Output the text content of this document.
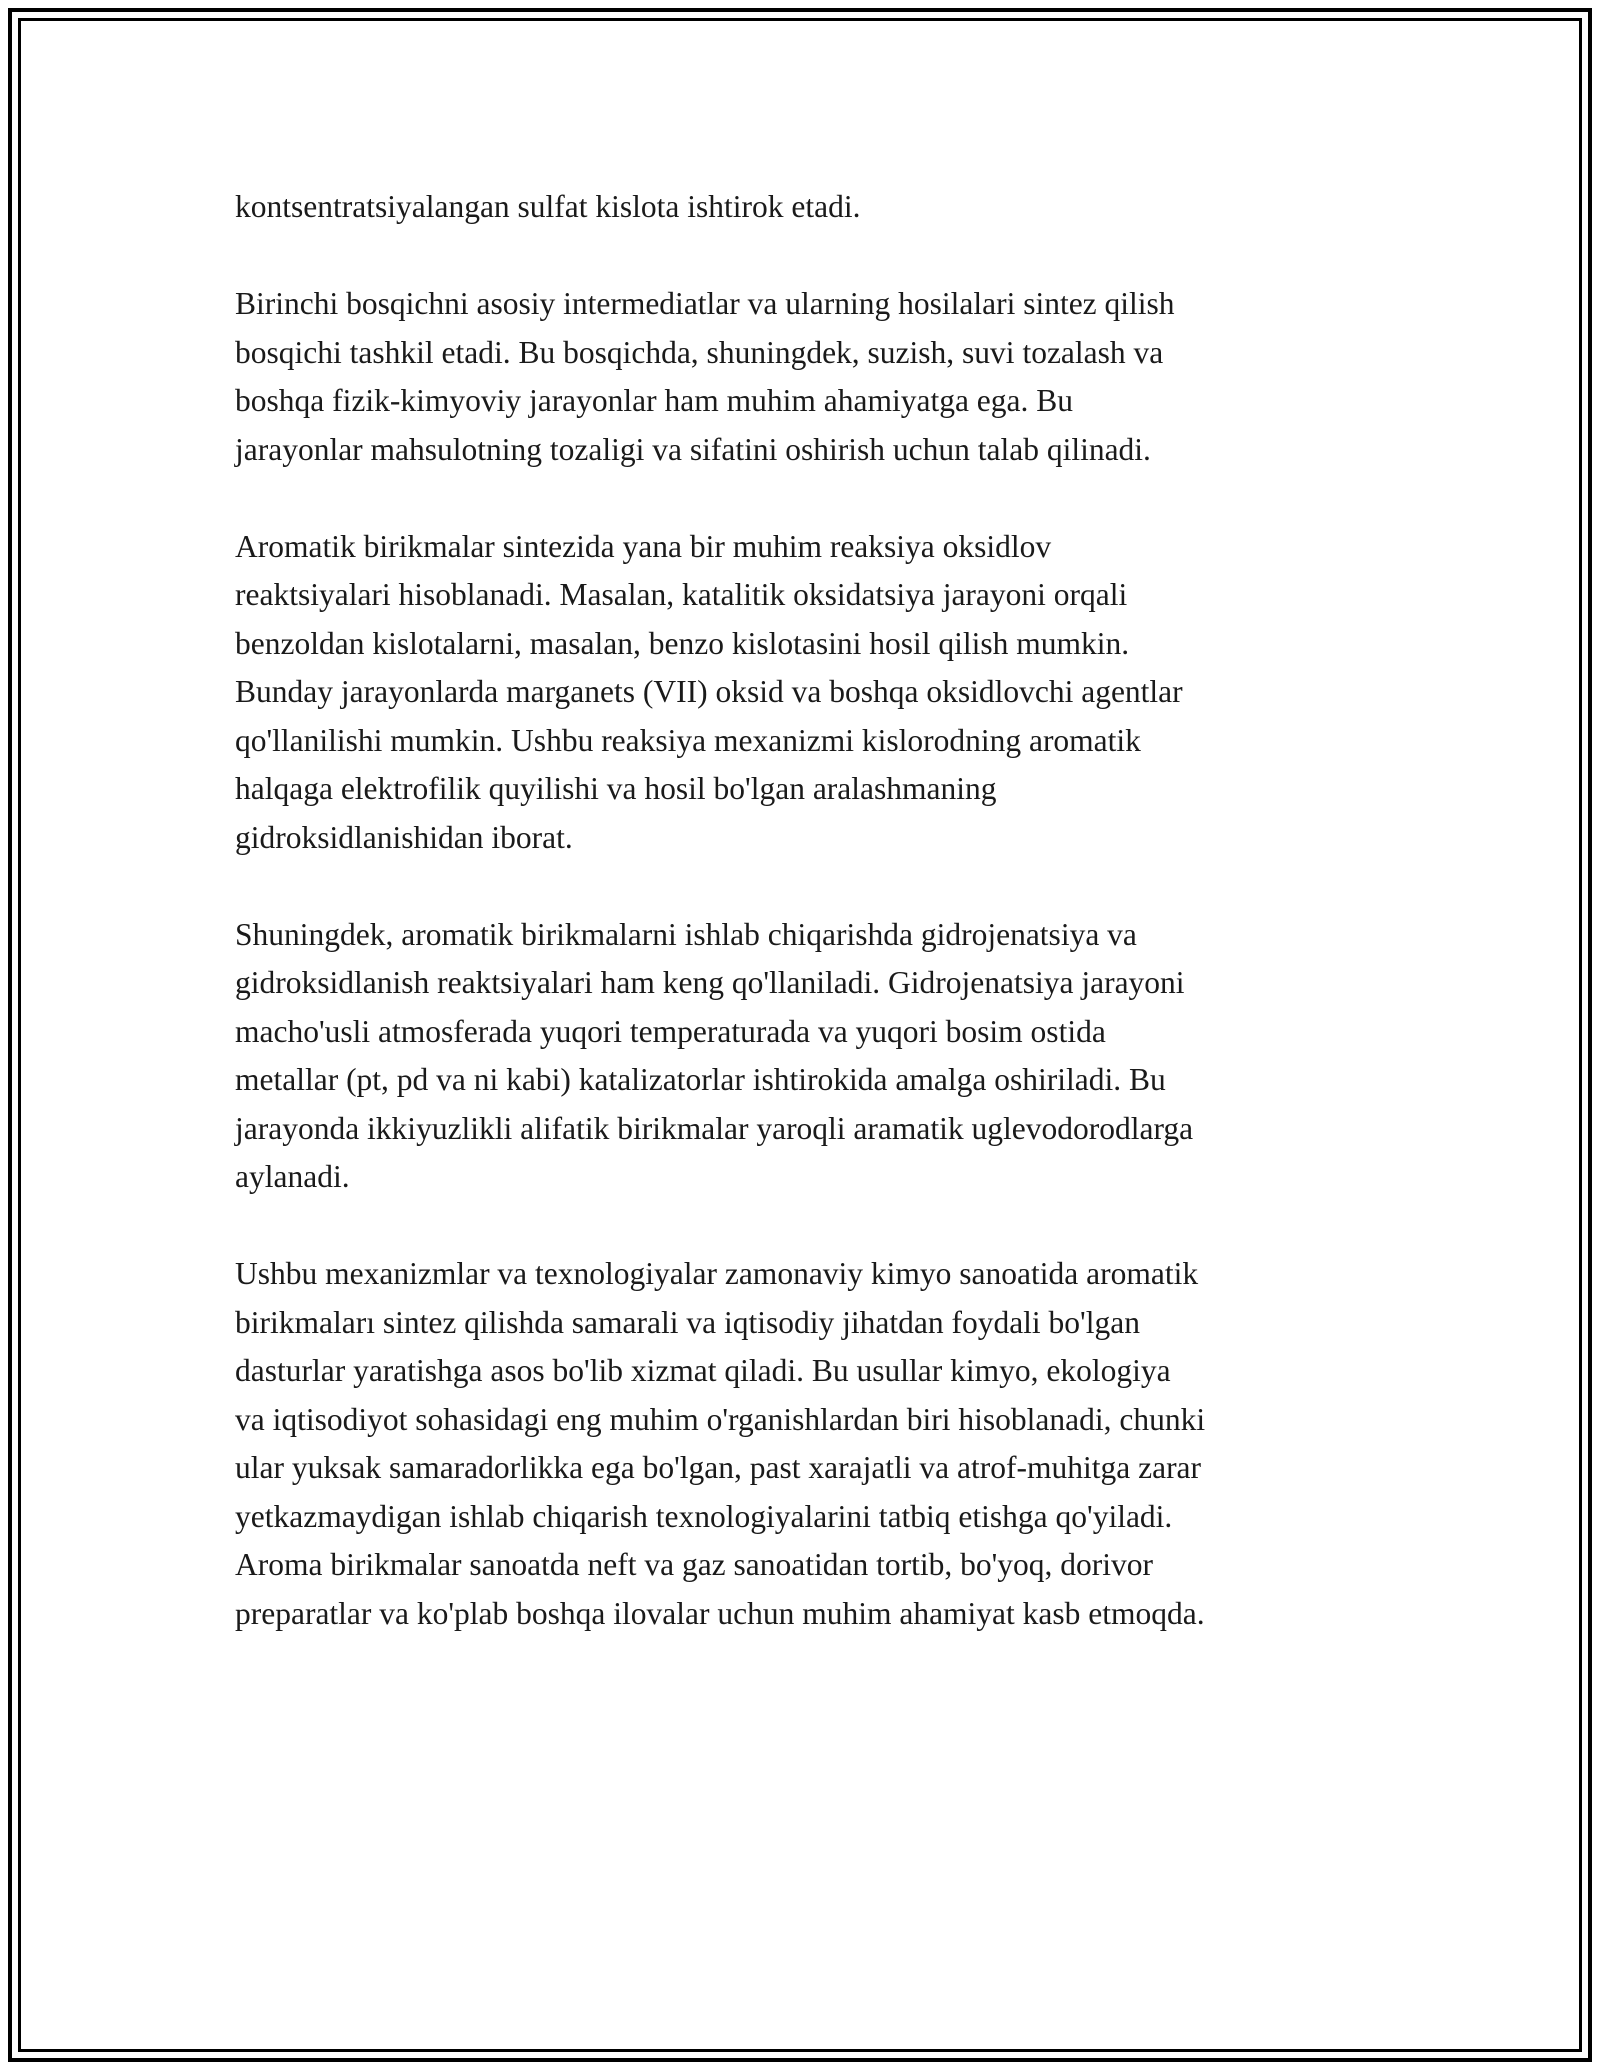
kontsentratsiyalangan sulfat kislota ishtirok etadi.

Birinchi bosqichni asosiy intermediatlar va ularning hosilalari sintez qilish
bosqichi tashkil etadi. Bu bosqichda, shuningdek, suzish, suvi tozalash va
boshqa fizik-kimyoviy jarayonlar ham muhim ahamiyatga ega. Bu
jarayonlar mahsulotning tozaligi va sifatini oshirish uchun talab qilinadi.

Aromatik birikmalar sintezida yana bir muhim reaksiya oksidlov
reaktsiyalari hisoblanadi. Masalan, katalitik oksidatsiya jarayoni orqali
benzoldan kislotalarni, masalan, benzo kislotasini hosil qilish mumkin.
Bunday jarayonlarda marganets (VII) oksid va boshqa oksidlovchi agentlar
qo'llanilishi mumkin. Ushbu reaksiya mexanizmi kislorodning aromatik
halqaga elektrofilik quyilishi va hosil bo'lgan aralashmaning
gidroksidlanishidan iborat.

Shuningdek, aromatik birikmalarni ishlab chiqarishda gidrojenatsiya va
gidroksidlanish reaktsiyalari ham keng qo'llaniladi. Gidrojenatsiya jarayoni
macho'usli atmosferada yuqori temperaturada va yuqori bosim ostida
metallar (pt, pd va ni kabi) katalizatorlar ishtirokida amalga oshiriladi. Bu
jarayonda ikkiyuzlikli alifatik birikmalar yaroqli aramatik uglevodorodlarga
aylanadi.

Ushbu mexanizmlar va texnologiyalar zamonaviy kimyo sanoatida aromatik
birikmaları sintez qilishda samarali va iqtisodiy jihatdan foydali bo'lgan
dasturlar yaratishga asos bo'lib xizmat qiladi. Bu usullar kimyo, ekologiya
va iqtisodiyot sohasidagi eng muhim o'rganishlardan biri hisoblanadi, chunki
ular yuksak samaradorlikka ega bo'lgan, past xarajatli va atrof-muhitga zarar
yetkazmaydigan ishlab chiqarish texnologiyalarini tatbiq etishga qo'yiladi.
Aroma birikmalar sanoatda neft va gaz sanoatidan tortib, bo'yoq, dorivor
preparatlar va ko'plab boshqa ilovalar uchun muhim ahamiyat kasb etmoqda.
